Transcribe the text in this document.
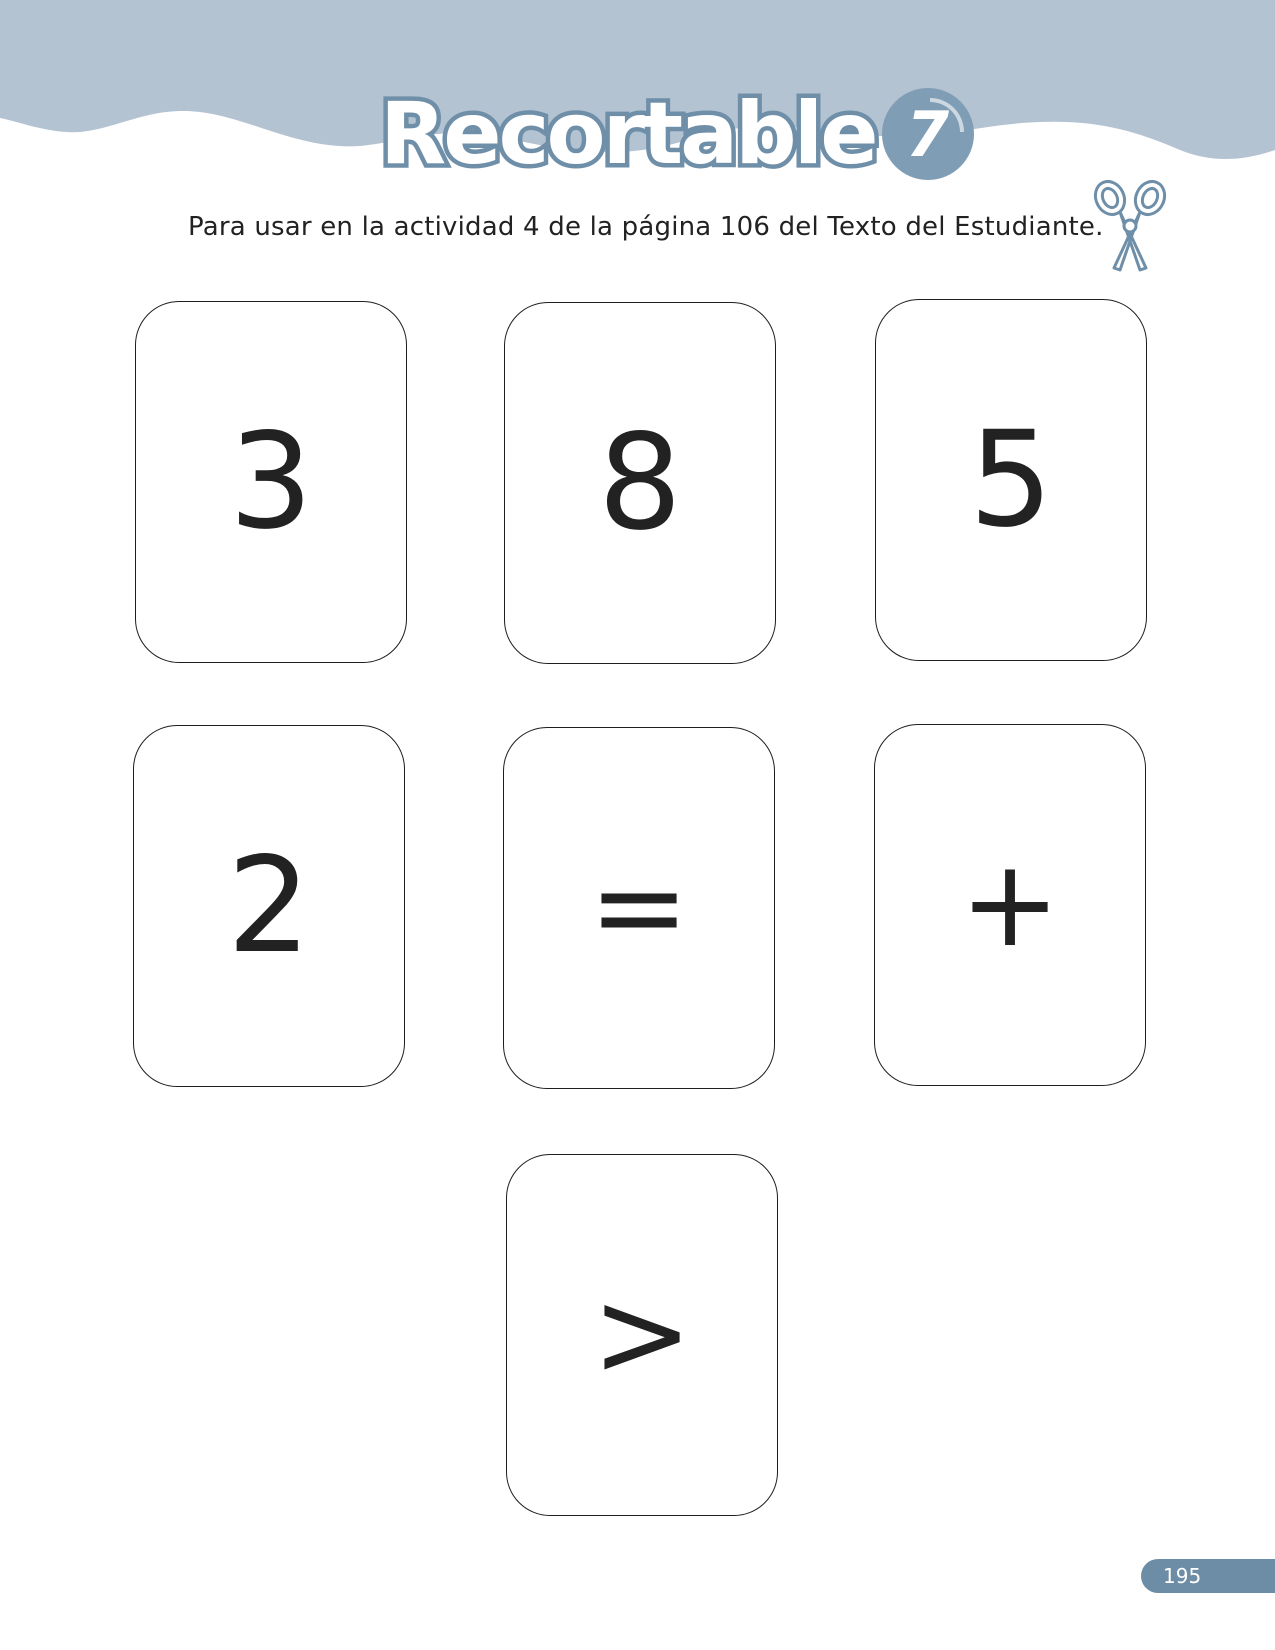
Recortable 7
Para usar en la actividad 4 de la página 106 del Texto del Estudiante.
3 8 5
2 = +
>
195
